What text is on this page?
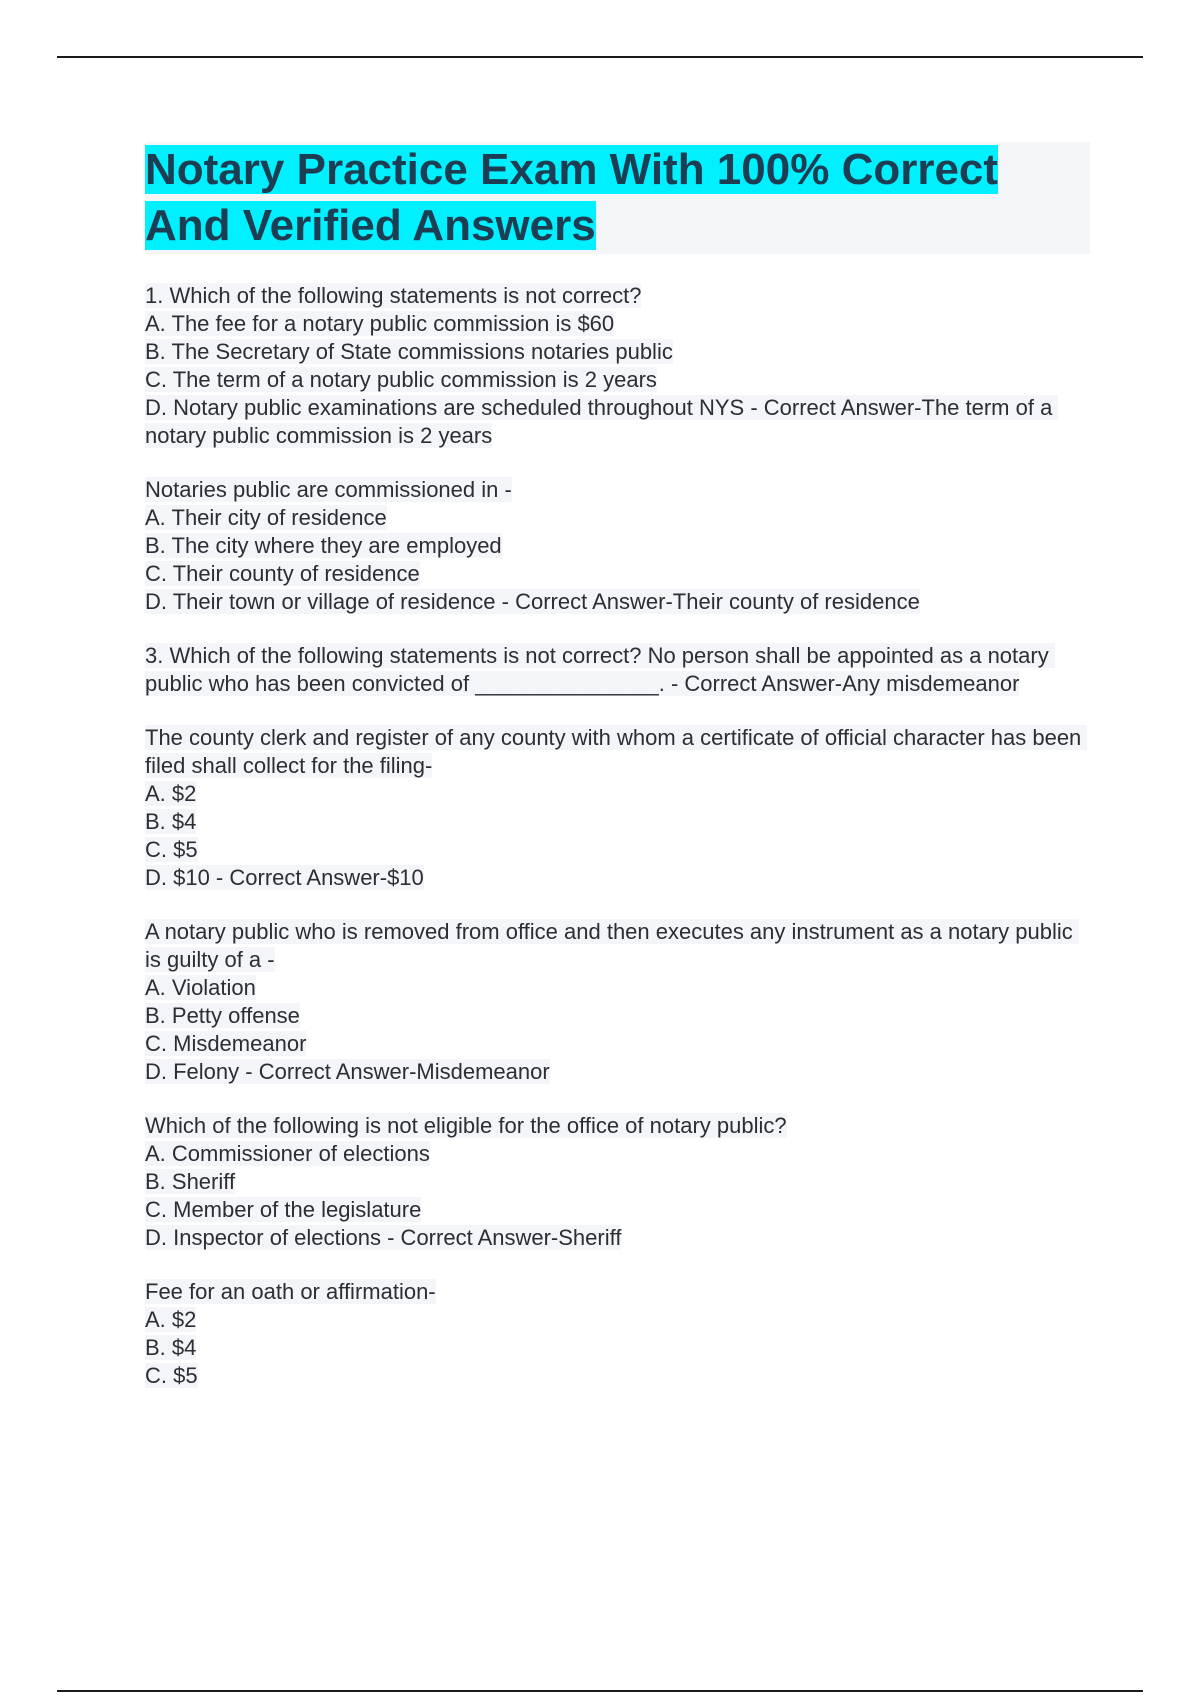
Notary Practice Exam With 100% Correct And Verified Answers
1. Which of the following statements is not correct?
A. The fee for a notary public commission is $60
B. The Secretary of State commissions notaries public
C. The term of a notary public commission is 2 years
D. Notary public examinations are scheduled throughout NYS - Correct Answer-The term of a notary public commission is 2 years
Notaries public are commissioned in -
A. Their city of residence
B. The city where they are employed
C. Their county of residence
D. Their town or village of residence - Correct Answer-Their county of residence
3. Which of the following statements is not correct? No person shall be appointed as a notary public who has been convicted of _______________. - Correct Answer-Any misdemeanor
The county clerk and register of any county with whom a certificate of official character has been filed shall collect for the filing-
A. $2
B. $4
C. $5
D. $10 - Correct Answer-$10
A notary public who is removed from office and then executes any instrument as a notary public is guilty of a -
A. Violation
B. Petty offense
C. Misdemeanor
D. Felony - Correct Answer-Misdemeanor
Which of the following is not eligible for the office of notary public?
A. Commissioner of elections
B. Sheriff
C. Member of the legislature
D. Inspector of elections - Correct Answer-Sheriff
Fee for an oath or affirmation-
A. $2
B. $4
C. $5
